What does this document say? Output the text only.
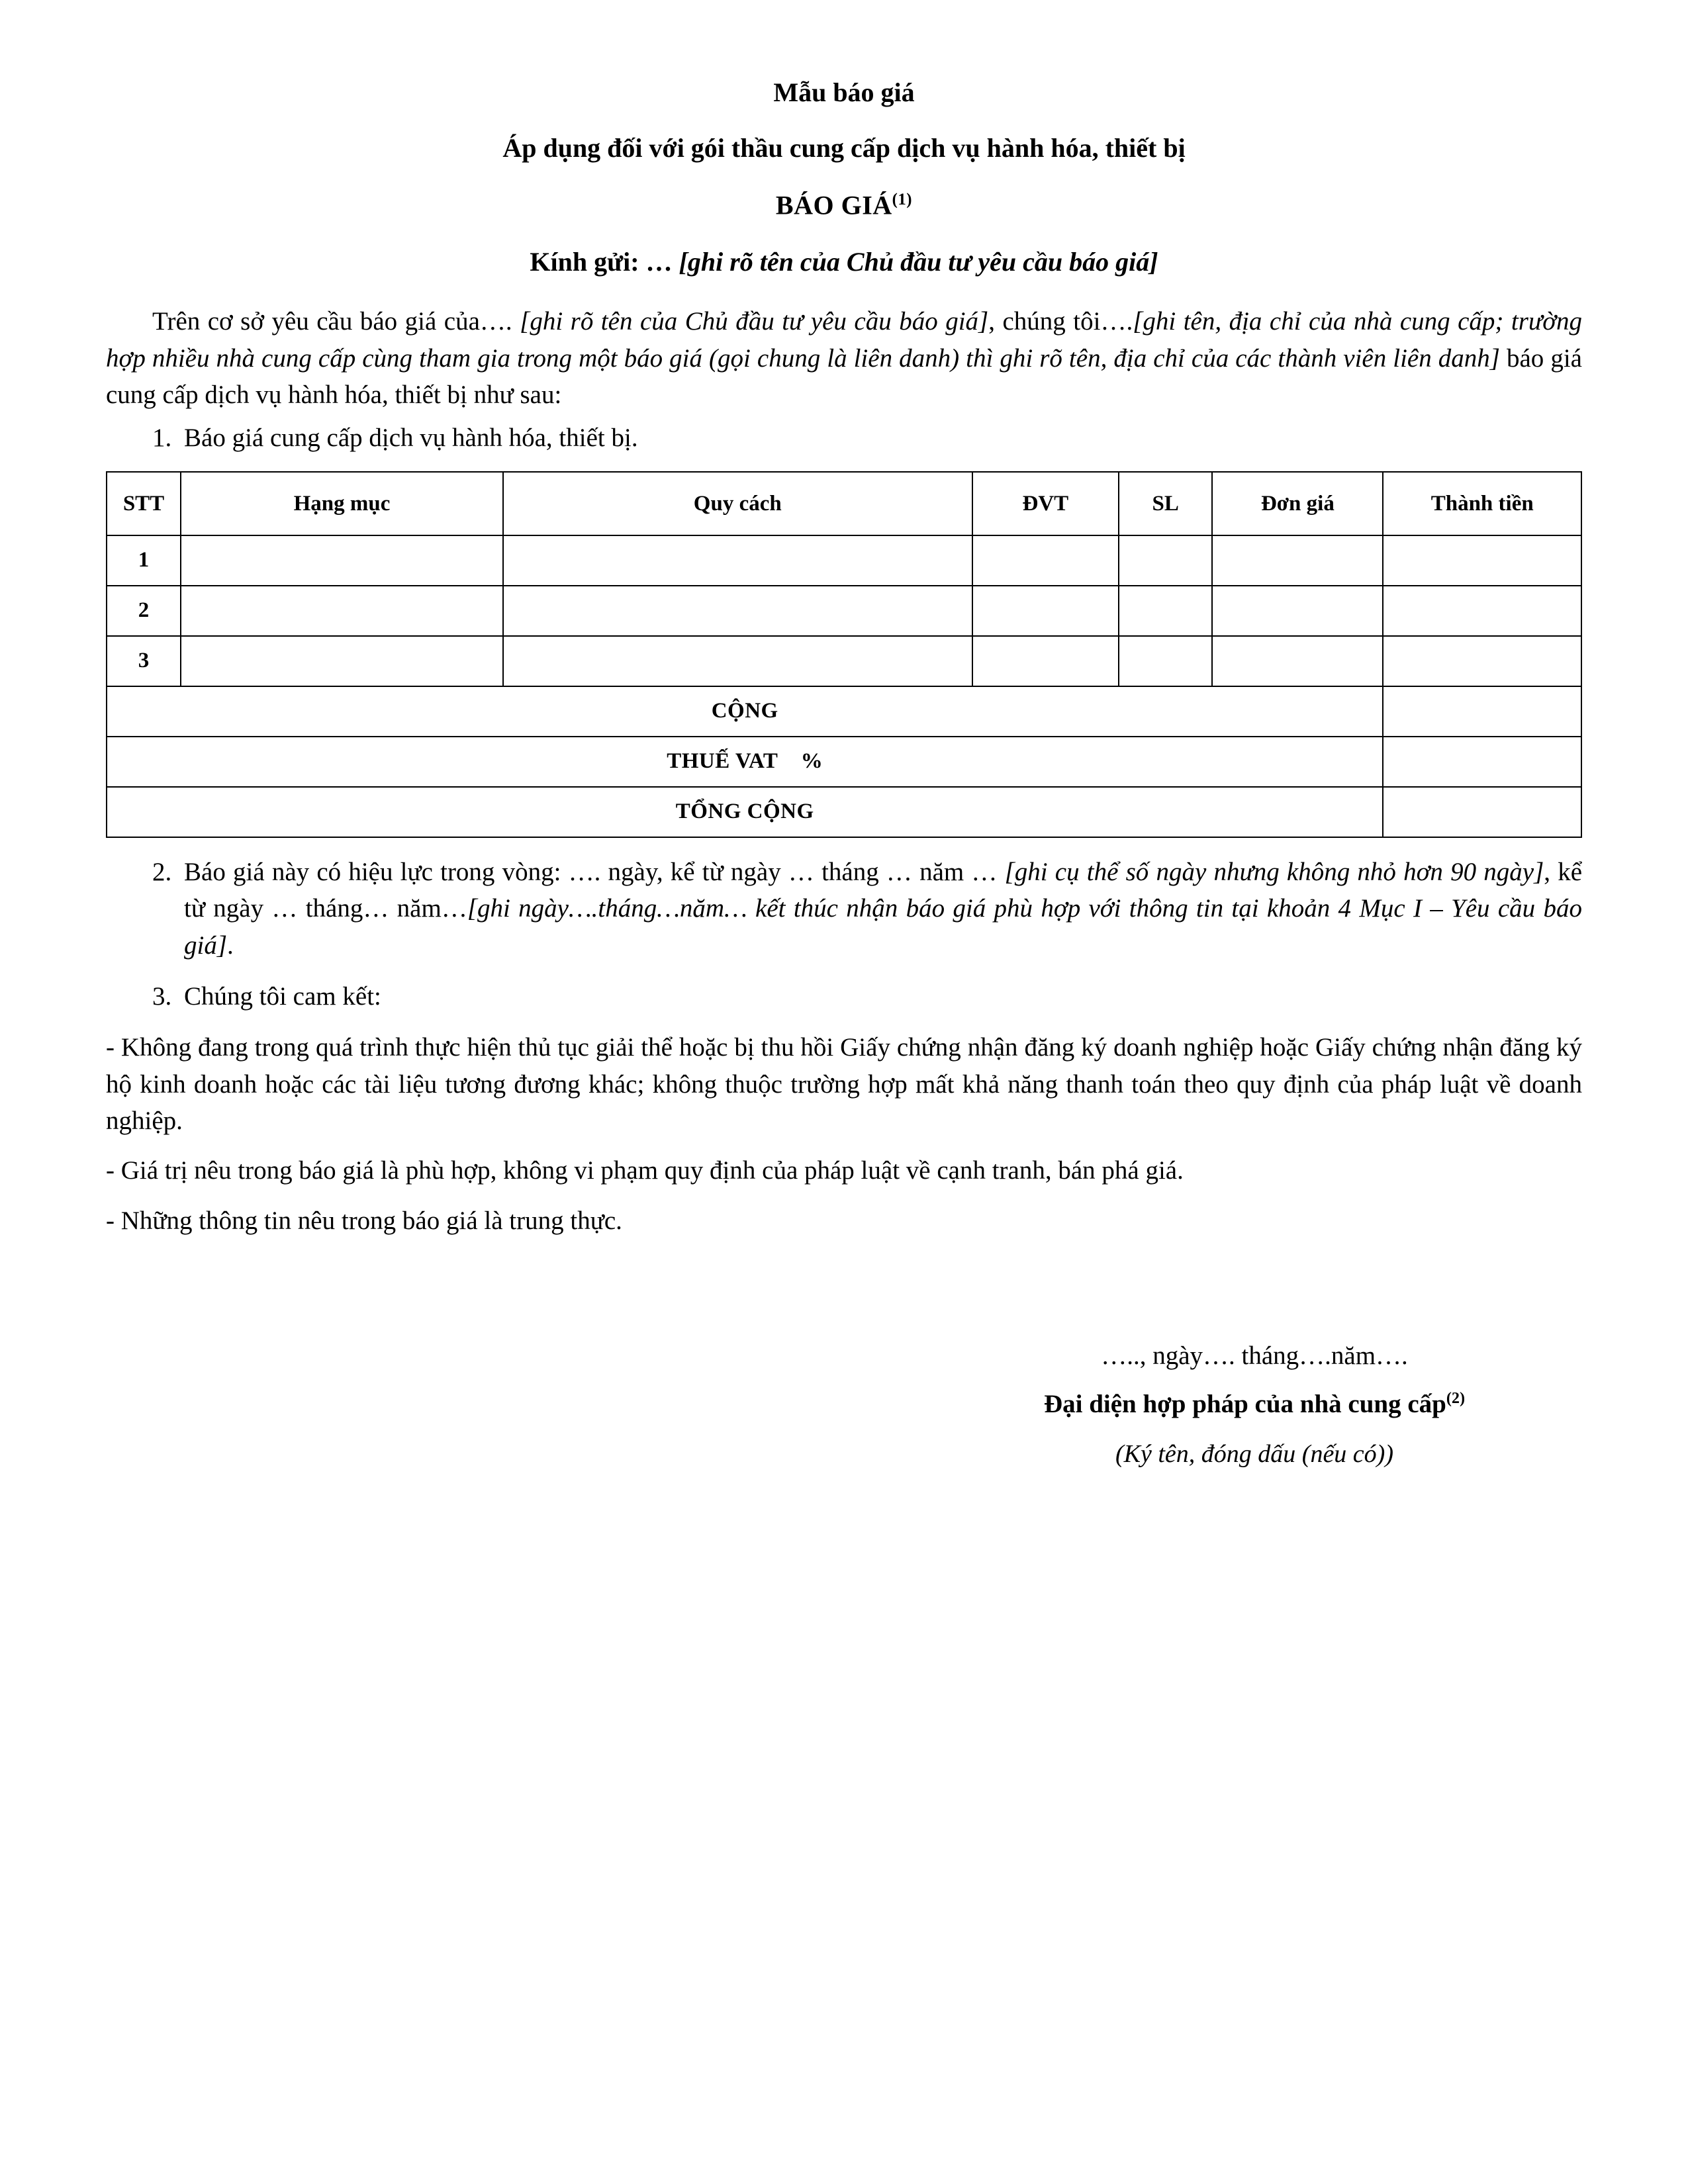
Mẫu báo giá
Áp dụng đối với gói thầu cung cấp dịch vụ hành hóa, thiết bị
BÁO GIÁ$^{(1)}$
Kính gửi: … [ghi rõ tên của Chủ đầu tư yêu cầu báo giá]

Trên cơ sở yêu cầu báo giá của…. [ghi rõ tên của Chủ đầu tư yêu cầu báo giá], chúng tôi….[ghi tên, địa chỉ của nhà cung cấp; trường hợp nhiều nhà cung cấp cùng tham gia trong một báo giá (gọi chung là liên danh) thì ghi rõ tên, địa chỉ của các thành viên liên danh] báo giá cung cấp dịch vụ hành hóa, thiết bị như sau:

1. Báo giá cung cấp dịch vụ hành hóa, thiết bị.
STT	Hạng mục	Quy cách	ĐVT	SL	Đơn giá	Thành tiền
1						
2						
3						
CỘNG						
THUẾ VAT    %						
TỔNG CỘNG						
2. Báo giá này có hiệu lực trong vòng: …. ngày, kể từ ngày … tháng … năm … [ghi cụ thể số ngày nhưng không nhỏ hơn 90 ngày], kể từ ngày … tháng… năm…[ghi ngày….tháng…năm… kết thúc nhận báo giá phù hợp với thông tin tại khoản 4 Mục I – Yêu cầu báo giá].
3. Chúng tôi cam kết:

- Không đang trong quá trình thực hiện thủ tục giải thể hoặc bị thu hồi Giấy chứng nhận đăng ký doanh nghiệp hoặc Giấy chứng nhận đăng ký hộ kinh doanh hoặc các tài liệu tương đương khác; không thuộc trường hợp mất khả năng thanh toán theo quy định của pháp luật về doanh nghiệp.

- Giá trị nêu trong báo giá là phù hợp, không vi phạm quy định của pháp luật về cạnh tranh, bán phá giá.

- Những thông tin nêu trong báo giá là trung thực.

….., ngày…. tháng….năm….

Đại diện hợp pháp của nhà cung cấp$^{(2)}$

(Ký tên, đóng dấu (nếu có))
